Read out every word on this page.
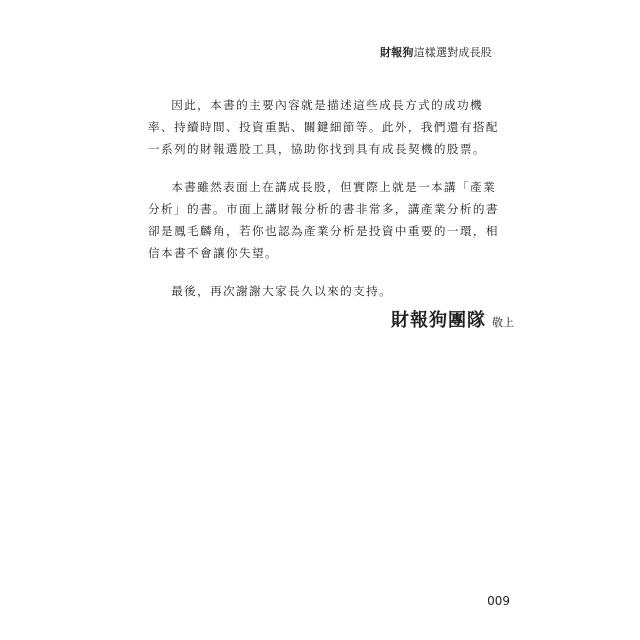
財報狗這樣選對成長股

因此，本書的主要內容就是描述這些成長方式的成功機率、持續時間、投資重點、關鍵細節等。此外，我們還有搭配一系列的財報選股工具，協助你找到具有成長契機的股票。

本書雖然表面上在講成長股，但實際上就是一本講「產業分析」的書。市面上講財報分析的書非常多，講產業分析的書卻是鳳毛麟角，若你也認為產業分析是投資中重要的一環，相信本書不會讓你失望。

最後，再次謝謝大家長久以來的支持。

財報狗團隊 敬上
009
